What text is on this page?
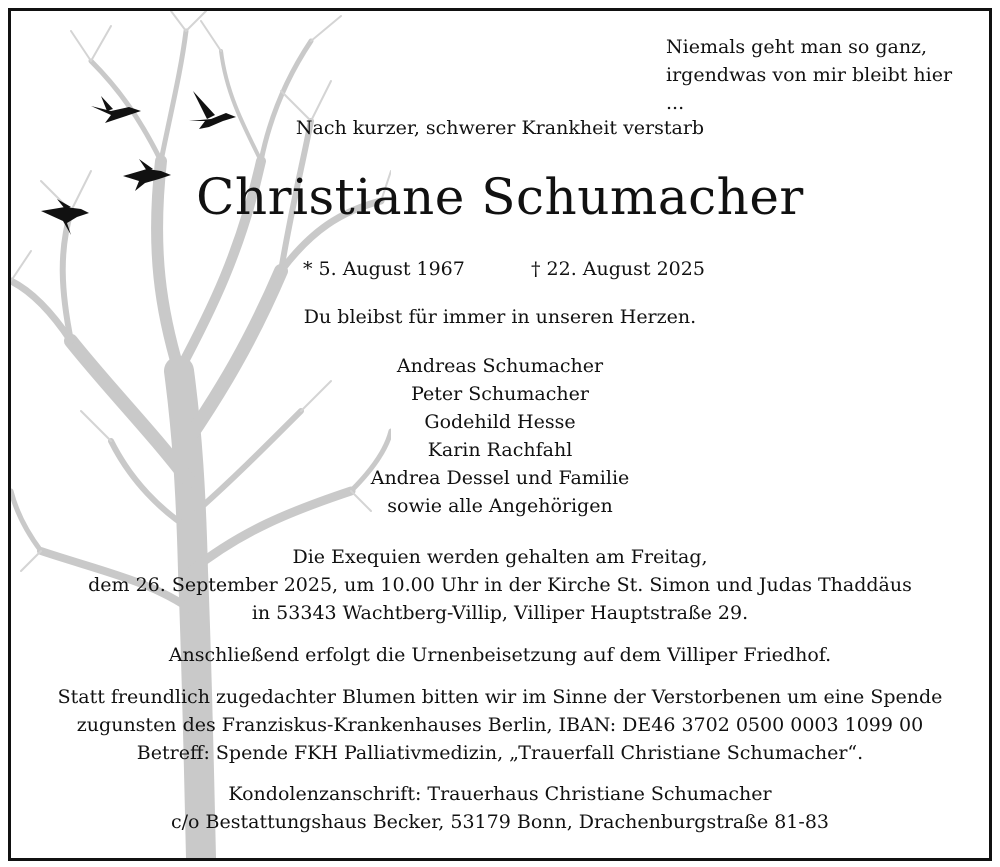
Niemals geht man so ganz,
irgendwas von mir bleibt hier ...
Nach kurzer, schwerer Krankheit verstarb
Christiane Schumacher
* 5. August 1967	† 22. August 2025
Du bleibst für immer in unseren Herzen.
Andreas Schumacher
Peter Schumacher
Godehild Hesse
Karin Rachfahl
Andrea Dessel und Familie
sowie alle Angehörigen
Die Exequien werden gehalten am Freitag,
dem 26. September 2025, um 10.00 Uhr in der Kirche St. Simon und Judas Thaddäus
in 53343 Wachtberg-Villip, Villiper Hauptstraße 29.
Anschließend erfolgt die Urnenbeisetzung auf dem Villiper Friedhof.
Statt freundlich zugedachter Blumen bitten wir im Sinne der Verstorbenen um eine Spende
zugunsten des Franziskus-Krankenhauses Berlin, IBAN: DE46 3702 0500 0003 1099 00
Betreff: Spende FKH Palliativmedizin, „Trauerfall Christiane Schumacher“.
Kondolenzanschrift: Trauerhaus Christiane Schumacher
c/o Bestattungshaus Becker, 53179 Bonn, Drachenburgstraße 81-83
